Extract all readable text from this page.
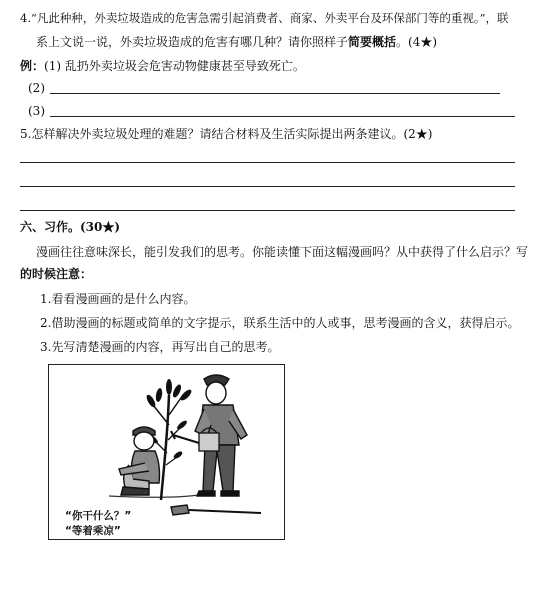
4.“凡此种种，外卖垃圾造成的危害急需引起消费者、商家、外卖平台及环保部门等的重视。”，联
系上文说一说，外卖垃圾造成的危害有哪几种？请你照样子简要概括。(4★)
例：(1) 乱扔外卖垃圾会危害动物健康甚至导致死亡。
(2)
(3)
5.怎样解决外卖垃圾处理的难题？请结合材料及生活实际提出两条建议。(2★)
六、习作。(30★)
漫画往往意味深长，能引发我们的思考。你能读懂下面这幅漫画吗？从中获得了什么启示？写
的时候注意：
1.看看漫画画的是什么内容。
2.借助漫画的标题或简单的文字提示，联系生活中的人或事，思考漫画的含义，获得启示。
3.先写清楚漫画的内容，再写出自己的思考。
“你干什么？”
“等着乘凉”
